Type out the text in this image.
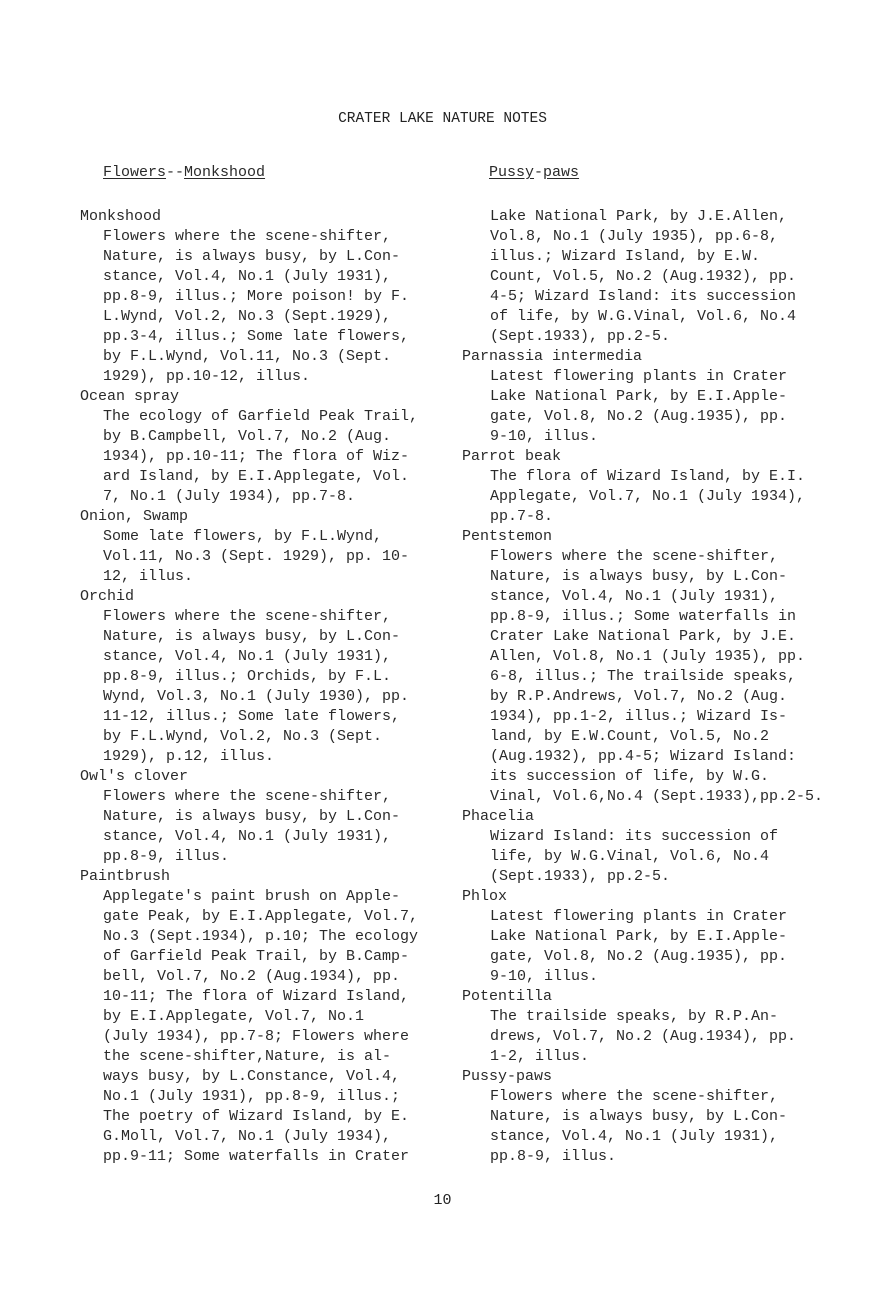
CRATER LAKE NATURE NOTES
Flowers--Monkshood
Monkshood
Flowers where the scene-shifter,
Nature, is always busy, by L.Con-
stance, Vol.4, No.1 (July 1931),
pp.8-9, illus.; More poison! by F.
L.Wynd, Vol.2, No.3 (Sept.1929),
pp.3-4, illus.; Some late flowers,
by F.L.Wynd, Vol.11, No.3 (Sept.
1929), pp.10-12, illus.
Ocean spray
The ecology of Garfield Peak Trail,
by B.Campbell, Vol.7, No.2 (Aug.
1934), pp.10-11; The flora of Wiz-
ard Island, by E.I.Applegate, Vol.
7, No.1 (July 1934), pp.7-8.
Onion, Swamp
Some late flowers, by F.L.Wynd,
Vol.11, No.3 (Sept. 1929), pp. 10-
12, illus.
Orchid
Flowers where the scene-shifter,
Nature, is always busy, by L.Con-
stance, Vol.4, No.1 (July 1931),
pp.8-9, illus.; Orchids, by F.L.
Wynd, Vol.3, No.1 (July 1930), pp.
11-12, illus.; Some late flowers,
by F.L.Wynd, Vol.2, No.3 (Sept.
1929), p.12, illus.
Owl's clover
Flowers where the scene-shifter,
Nature, is always busy, by L.Con-
stance, Vol.4, No.1 (July 1931),
pp.8-9, illus.
Paintbrush
Applegate's paint brush on Apple-
gate Peak, by E.I.Applegate, Vol.7,
No.3 (Sept.1934), p.10; The ecology
of Garfield Peak Trail, by B.Camp-
bell, Vol.7, No.2 (Aug.1934), pp.
10-11; The flora of Wizard Island,
by E.I.Applegate, Vol.7, No.1
(July 1934), pp.7-8; Flowers where
the scene-shifter,Nature, is al-
ways busy, by L.Constance, Vol.4,
No.1 (July 1931), pp.8-9, illus.;
The poetry of Wizard Island, by E.
G.Moll, Vol.7, No.1 (July 1934),
pp.9-11; Some waterfalls in Crater
Pussy-paws
Lake National Park, by J.E.Allen,
Vol.8, No.1 (July 1935), pp.6-8,
illus.; Wizard Island, by E.W.
Count, Vol.5, No.2 (Aug.1932), pp.
4-5; Wizard Island: its succession
of life, by W.G.Vinal, Vol.6, No.4
(Sept.1933), pp.2-5.
Parnassia intermedia
Latest flowering plants in Crater
Lake National Park, by E.I.Apple-
gate, Vol.8, No.2 (Aug.1935), pp.
9-10, illus.
Parrot beak
The flora of Wizard Island, by E.I.
Applegate, Vol.7, No.1 (July 1934),
pp.7-8.
Pentstemon
Flowers where the scene-shifter,
Nature, is always busy, by L.Con-
stance, Vol.4, No.1 (July 1931),
pp.8-9, illus.; Some waterfalls in
Crater Lake National Park, by J.E.
Allen, Vol.8, No.1 (July 1935), pp.
6-8, illus.; The trailside speaks,
by R.P.Andrews, Vol.7, No.2 (Aug.
1934), pp.1-2, illus.; Wizard Is-
land, by E.W.Count, Vol.5, No.2
(Aug.1932), pp.4-5; Wizard Island:
its succession of life, by W.G.
Vinal, Vol.6,No.4 (Sept.1933),pp.2-5.
Phacelia
Wizard Island: its succession of
life, by W.G.Vinal, Vol.6, No.4
(Sept.1933), pp.2-5.
Phlox
Latest flowering plants in Crater
Lake National Park, by E.I.Apple-
gate, Vol.8, No.2 (Aug.1935), pp.
9-10, illus.
Potentilla
The trailside speaks, by R.P.An-
drews, Vol.7, No.2 (Aug.1934), pp.
1-2, illus.
Pussy-paws
Flowers where the scene-shifter,
Nature, is always busy, by L.Con-
stance, Vol.4, No.1 (July 1931),
pp.8-9, illus.
10
